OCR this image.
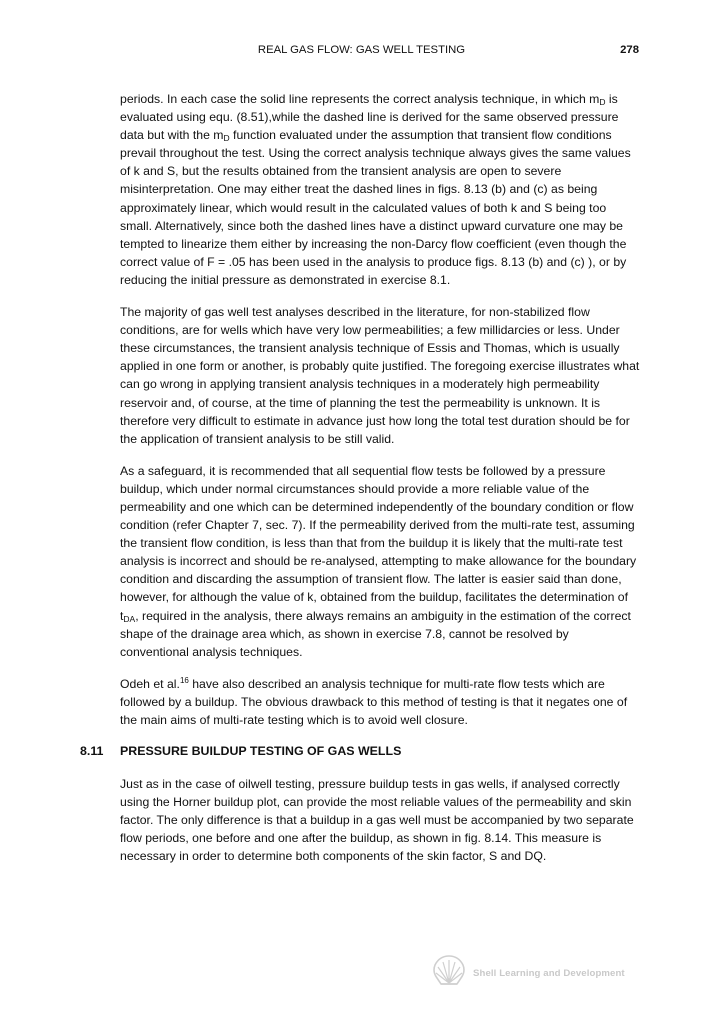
REAL GAS FLOW: GAS WELL TESTING	278

periods. In each case the solid line represents the correct analysis technique, in which $m_D$ is evaluated using equ. (8.51),while the dashed line is derived for the same observed pressure data but with the $m_D$ function evaluated under the assumption that transient flow conditions prevail throughout the test. Using the correct analysis technique always gives the same values of k and S, but the results obtained from the transient analysis are open to severe misinterpretation. One may either treat the dashed lines in figs. 8.13 (b) and (c) as being approximately linear, which would result in the calculated values of both k and S being too small. Alternatively, since both the dashed lines have a distinct upward curvature one may be tempted to linearize them either by increasing the non-Darcy flow coefficient (even though the correct value of F = .05 has been used in the analysis to produce figs. 8.13 (b) and (c) ), or by reducing the initial pressure as demonstrated in exercise 8.1.

The majority of gas well test analyses described in the literature, for non-stabilized flow conditions, are for wells which have very low permeabilities; a few millidarcies or less. Under these circumstances, the transient analysis technique of Essis and Thomas, which is usually applied in one form or another, is probably quite justified. The foregoing exercise illustrates what can go wrong in applying transient analysis techniques in a moderately high permeability reservoir and, of course, at the time of planning the test the permeability is unknown. It is therefore very difficult to estimate in advance just how long the total test duration should be for the application of transient analysis to be still valid.

As a safeguard, it is recommended that all sequential flow tests be followed by a pressure buildup, which under normal circumstances should provide a more reliable value of the permeability and one which can be determined independently of the boundary condition or flow condition (refer Chapter 7, sec. 7). If the permeability derived from the multi-rate test, assuming the transient flow condition, is less than that from the buildup it is likely that the multi-rate test analysis is incorrect and should be re-analysed, attempting to make allowance for the boundary condition and discarding the assumption of transient flow. The latter is easier said than done, however, for although the value of k, obtained from the buildup, facilitates the determination of $t_{DA}$, required in the analysis, there always remains an ambiguity in the estimation of the correct shape of the drainage area which, as shown in exercise 7.8, cannot be resolved by conventional analysis techniques.

Odeh et al.$^{16}$ have also described an analysis technique for multi-rate flow tests which are followed by a buildup. The obvious drawback to this method of testing is that it negates one of the main aims of multi-rate testing which is to avoid well closure.

8.11 PRESSURE BUILDUP TESTING OF GAS WELLS

Just as in the case of oilwell testing, pressure buildup tests in gas wells, if analysed correctly using the Horner buildup plot, can provide the most reliable values of the permeability and skin factor. The only difference is that a buildup in a gas well must be accompanied by two separate flow periods, one before and one after the buildup, as shown in fig. 8.14. This measure is necessary in order to determine both components of the skin factor, S and DQ.

Shell Learning and Development
